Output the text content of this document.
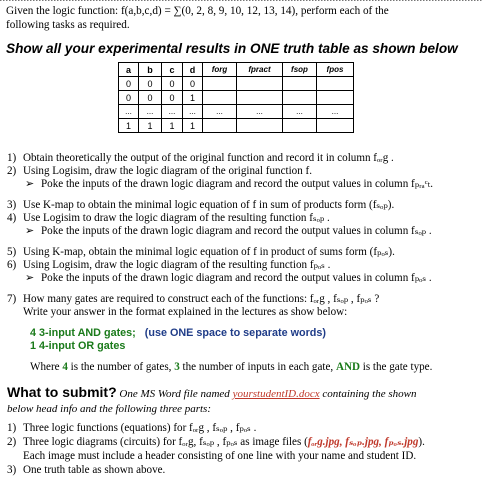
Given the logic function: f(a,b,c,d) = ∑(0, 2, 8, 9, 10, 12, 13, 14), perform each of the
following tasks as required.
Show all your experimental results in ONE truth table as shown below
a	b	c	d	forg	fpract	fsop	fpos
0	0	0	0				
0	0	0	1				
...	...	...	...	...	...	...	...
1	1	1	1				
1) Obtain theoretically the output of the original function and record it in column fₒᵣg .
2) Using Logisim, draw the logic diagram of the original function f.
➢ Poke the inputs of the drawn logic diagram and record the output values in column fₚᵣₐᶜₜ.
3) Use K-map to obtain the minimal logic equation of f in sum of products form (fₛₒₚ).
4) Use Logisim to draw the logic diagram of the resulting function fₛₒₚ .
➢ Poke the inputs of the drawn logic diagram and record the output values in column fₛₒₚ .
5) Using K-map, obtain the minimal logic equation of f in product of sums form (fₚₒₛ).
6) Using Logisim, draw the logic diagram of the resulting function fₚₒₛ .
➢ Poke the inputs of the drawn logic diagram and record the output values in column fₚₒₛ .
7) How many gates are required to construct each of the functions: fₒᵣg , fₛₒₚ , fₚₒₛ ?
Write your answer in the format explained in the lectures as show below:
4 3-input AND gates; (use ONE space to separate words)
1 4-input OR gates
Where 4 is the number of gates, 3 the number of inputs in each gate, AND is the gate type.
What to submit? One MS Word file named yourstudentID.docx containing the shown
below head info and the following three parts:
1) Three logic functions (equations) for fₒᵣg , fₛₒₚ , fₚₒₛ .
2) Three logic diagrams (circuits) for fₒᵣg, fₛₒₚ , fₚₒₛ as image files (fₒᵣg.jpg, fₛₒₚ.jpg, fₚₒₛ.jpg).
Each image must include a header consisting of one line with your name and student ID.
3) One truth table as shown above.
